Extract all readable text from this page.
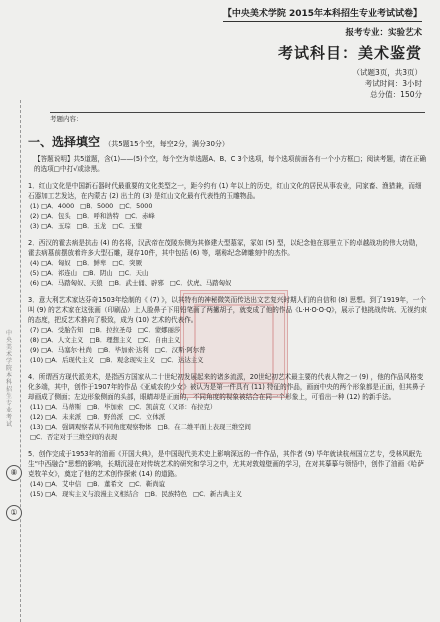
中央美术学院本科招生专业考试
⑧
①
【中央美术学院 2015年本科招生专业考试试卷】
报考专业：实验艺术
考试科目：美术鉴赏
（试题3页，共3页）
考试时间：3小时
总分值：150分
考题内容：
一、选择填空 （共5题15个空，每空2分，满分30分）
【答题说明】共5道题，含(1)——(5)个空，每个空为单选题A、B、C 3个选项，每个选项前面各有一个小方框□；阅读考题，请在正确的选项□中打√或涂黑。
1．红山文化是中国新石器时代最重要的文化类型之一，距今约有 (1) 年以上的历史，红山文化的居民从事农业，同家畜、渔猎兼，而细石器加工艺发达，在内蒙古 (2) 出土的 (3) 是红山文化最有代表性的玉雕物品。
(1) □A．4000 □B．5000 □C．5000
(2) □A．包头 □B．呼和浩特 □C．赤峰
(3) □A．玉琮 □B．玉龙 □C．玉璧
2．西汉的霍去病是抗击 (4) 的名将，汉武帝在茂陵东侧为其修建大型墓冢，冢如 (5) 型，以纪念他在那里立下的卓越战功的伟大功勋，霍去病墓前摆放着许多大型石雕，现存10件，其中包括 (6) 等，堪称纪念碑雕刻中的杰作。
(4) □A．匈奴 □B．鲜卑 □C．突厥
(5) □A．祁连山 □B．阴山 □C．天山
(6) □A．马踏匈奴、天狼 □B．武士俑、辟邪 □C．伏虎、马踏匈奴
3．意大利艺术家达芬奇1503年绘制的《 (7) 》，以其特有的神秘微笑而传达出文艺复兴时期人们的自信和 (8) 思想。到了1919年，一个叫 (9) 的艺术家在这张画（印刷品）上人脸鼻子下用铅笔画了两撇胡子，就变成了他的作品《L·H·O·O·Q》，展示了他挑战传统、无视约束的态度，把反艺术推向了极致，成为 (10) 艺术的代表作。
(7) □A．受胎告知 □B．拉拉圣母 □C．蒙娜丽莎
(8) □A．人文主义 □B．理想主义 □C．自由主义
(9) □A．马塞尔·杜尚 □B．毕加索·达利 □C．汉斯·阿尔普
(10) □A．后现代主义 □B．观念现实主义 □C．达达主义
4．所谓西方现代派美术，是指西方国家从二十世纪初发展起来的诸多流派，20世纪初艺术最主要的代表人物之一 (9) ，他的作品风格变化多端，其中，创作于1907年的作品《亚威农的少女》被认为是第一件具有 (11) 特征的作品，画面中央的两个形象都是正面，但其鼻子却画成了侧面；左边形象侧面的头部，眼睛却是正面的，不同角度的视象被结合在同一个形象上，可看出一种 (12) 的新手法。
(11) □A．马蒂斯 □B．毕加索 □C．凯前克（又译：布拉克）
(12) □A．未来派 □B．野兽派 □C．立体派
(13) □A．强调观察者从不同角度观察物体 □B．在二维平面上表现三维空间
□C．否定对于三维空间的表现
5．创作完成于1953年的油画《开国大典》，是中国现代美术史上影响深远的一件作品，其作者 (9) 毕年就读杭州国立艺专，受林风眠先生“中西融合”思想的影响，长期沉浸在对传统艺术的研究和学习之中，尤其对敦煌壁画的学习，在对其摹摹与领悟中，创作了油画《哈萨克牧羊女》，奠定了他的艺术创作探索 (14) 的道路。
(14) □A．艾中信 □B．董希文 □C．靳尚谊
(15) □A．现实主义与浪漫主义相结合 □B．民族特色 □C．新古典主义
